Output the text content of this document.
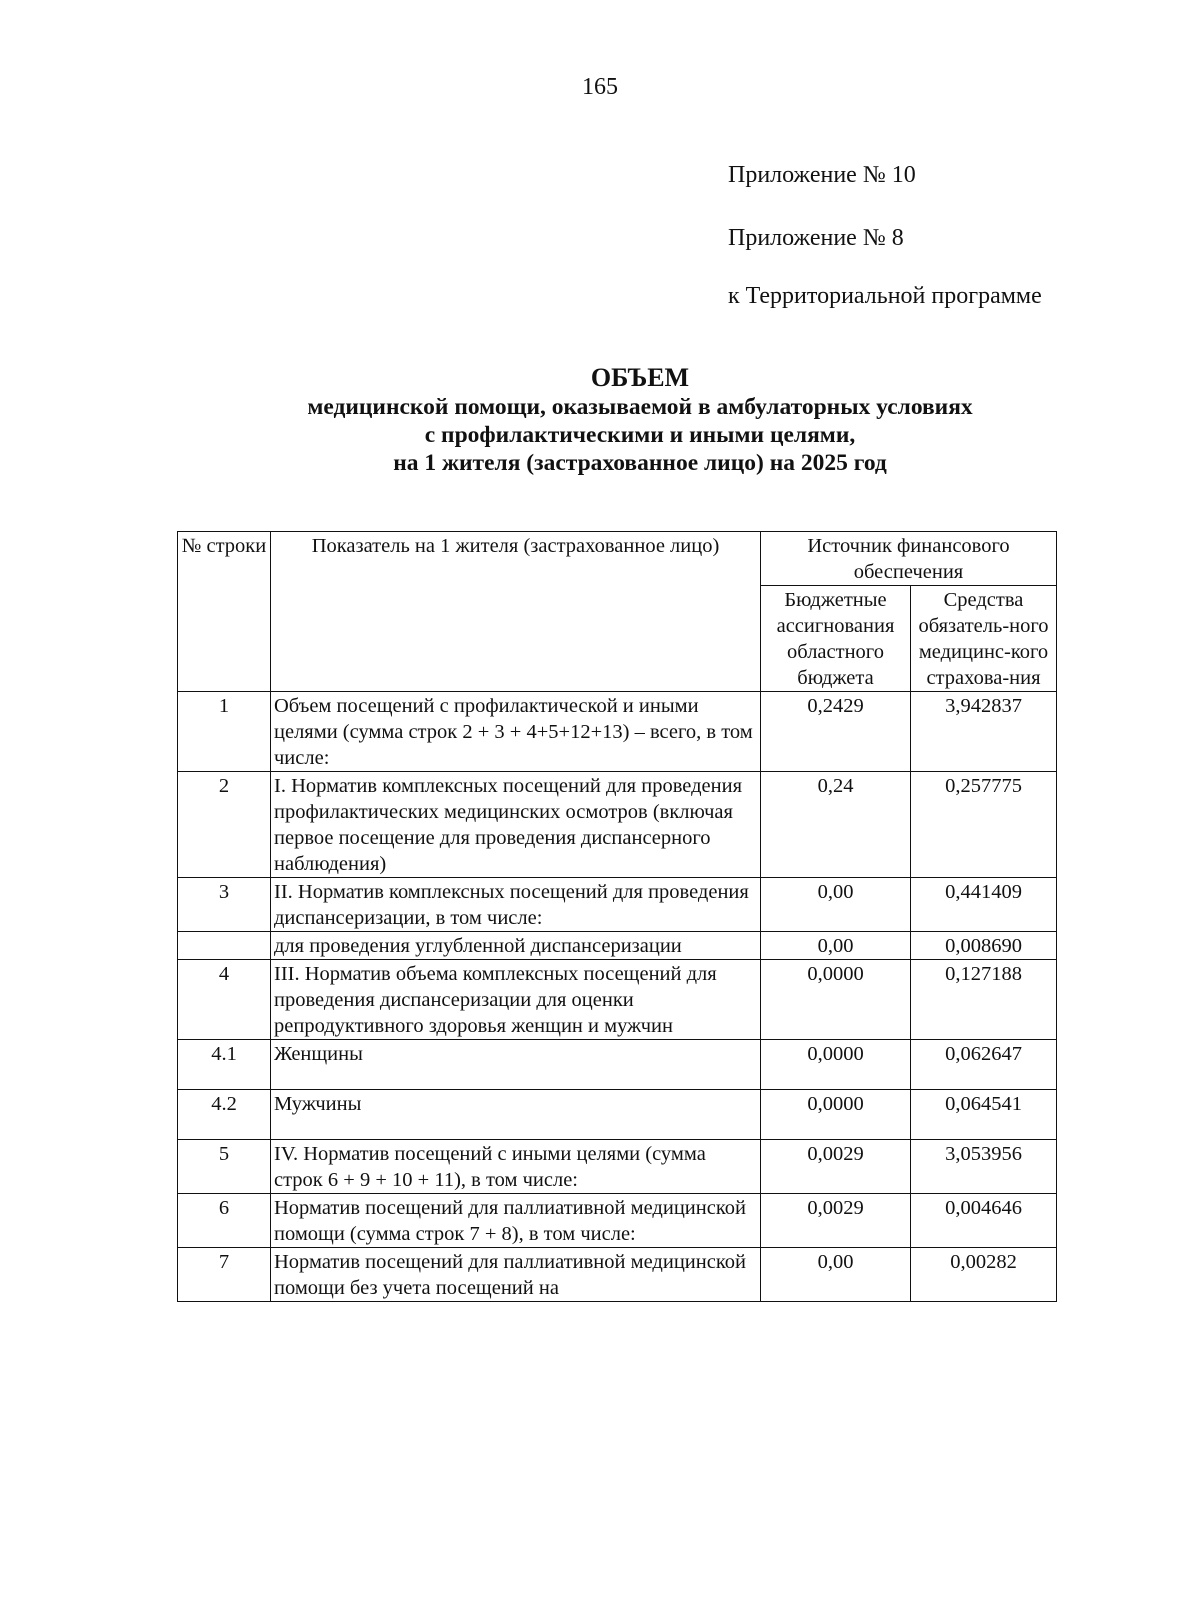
165
Приложение № 10
Приложение № 8
к Территориальной программе
ОБЪЕМ
медицинской помощи, оказываемой в амбулаторных условиях
с профилактическими и иными целями,
на 1 жителя (застрахованное лицо) на 2025 год
№ строки	Показатель на 1 жителя (застрахованное лицо)	Источник финансового обеспечения	
		Бюджетные ассигнования областного бюджета	Средства обязатель-ного медицинс-кого страхова-ния
1	Объем посещений с профилактической и иными целями (сумма строк 2 + 3 + 4+5+12+13) – всего, в том числе:	0,2429	3,942837
2	I. Норматив комплексных посещений для проведения профилактических медицинских осмотров (включая первое посещение для проведения диспансерного наблюдения)	0,24	0,257775
3	II. Норматив комплексных посещений для проведения диспансеризации, в том числе:	0,00	0,441409
	для проведения углубленной диспансеризации	0,00	0,008690
4	III. Норматив объема комплексных посещений для проведения диспансеризации для оценки репродуктивного здоровья женщин и мужчин	0,0000	0,127188
4.1	Женщины	0,0000	0,062647
4.2	Мужчины	0,0000	0,064541
5	IV. Норматив посещений с иными целями (сумма строк 6 + 9 + 10 + 11), в том числе:	0,0029	3,053956
6	Норматив посещений для паллиативной медицинской помощи (сумма строк 7 + 8), в том числе:	0,0029	0,004646
7	Норматив посещений для паллиативной медицинской помощи без учета посещений на	0,00	0,00282
